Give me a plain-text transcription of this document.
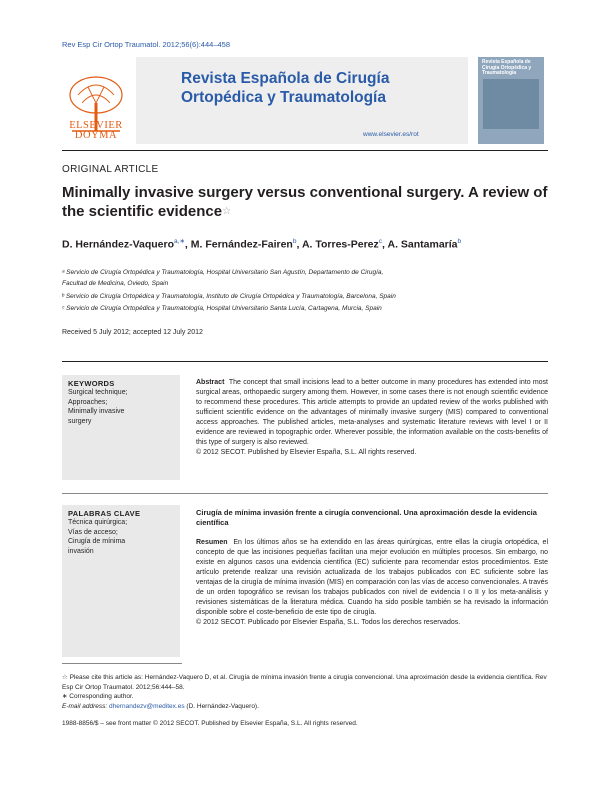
Rev Esp Cir Ortop Traumatol. 2012;56(6):444–458
ELSEVIER
DOYMA
Revista Española de Cirugía
Ortopédica y Traumatología
www.elsevier.es/rot
Revista Española de Cirugía Ortopédica y Traumatología
ORIGINAL ARTICLE
Minimally invasive surgery versus conventional surgery. A review of the scientific evidence☆
D. Hernández-Vaquero$^{a,∗}$, M. Fernández-Fairen$^b$, A. Torres-Perez$^c$, A. Santamaría$^b$
ᵃ Servicio de Cirugía Ortopédica y Traumatología, Hospital Universitario San Agustín, Departamento de Cirugía,
Facultad de Medicina, Oviedo, Spain
ᵇ Servicio de Cirugía Ortopédica y Traumatología, Instituto de Cirugía Ortopédica y Traumatología, Barcelona, Spain
ᶜ Servicio de Cirugía Ortopédica y Traumatología, Hospital Universitario Santa Lucía, Cartagena, Murcia, Spain
Received 5 July 2012; accepted 12 July 2012
KEYWORDS
Surgical technique;
Approaches;
Minimally invasive
surgery
Abstract The concept that small incisions lead to a better outcome in many procedures has extended into most surgical areas, orthopaedic surgery among them. However, in some cases there is not enough scientific evidence to recommend these procedures. This article attempts to provide an updated review of the works published with sufficient scientific evidence on the advantages of minimally invasive surgery (MIS) compared to conventional access approaches. The published articles, meta-analyses and systematic literature reviews with level I or II evidence are reviewed in topographic order. Wherever possible, the information available on the costs-benefits of this type of surgery is also reviewed.
© 2012 SECOT. Published by Elsevier España, S.L. All rights reserved.
PALABRAS CLAVE
Técnica quirúrgica;
Vías de acceso;
Cirugía de mínima
invasión
Cirugía de mínima invasión frente a cirugía convencional. Una aproximación desde la evidencia científica
Resumen En los últimos años se ha extendido en las áreas quirúrgicas, entre ellas la cirugía ortopédica, el concepto de que las incisiones pequeñas facilitan una mejor evolución en múltiples procesos. Sin embargo, no existe en algunos casos una evidencia científica (EC) suficiente para recomendar estos procedimientos. Este artículo pretende realizar una revisión actualizada de los trabajos publicados con EC suficiente sobre las ventajas de la cirugía de mínima invasión (MIS) en comparación con las vías de acceso convencionales. A través de un orden topográfico se revisan los trabajos publicados con nivel de evidencia I o II y los meta-análisis y revisiones sistemáticas de la literatura médica. Cuando ha sido posible también se ha revisado la información disponible sobre el coste-beneficio de este tipo de cirugía.
© 2012 SECOT. Publicado por Elsevier España, S.L. Todos los derechos reservados.
☆ Please cite this article as: Hernández-Vaquero D, et al. Cirugía de mínima invasión frente a cirugía convencional. Una aproximación desde la evidencia científica. Rev Esp Cir Ortop Traumatol. 2012;56:444–58.
∗ Corresponding author.
E-mail address: dhernandezv@meditex.es (D. Hernández-Vaquero).
1988-8856/$ – see front matter © 2012 SECOT. Published by Elsevier España, S.L. All rights reserved.
